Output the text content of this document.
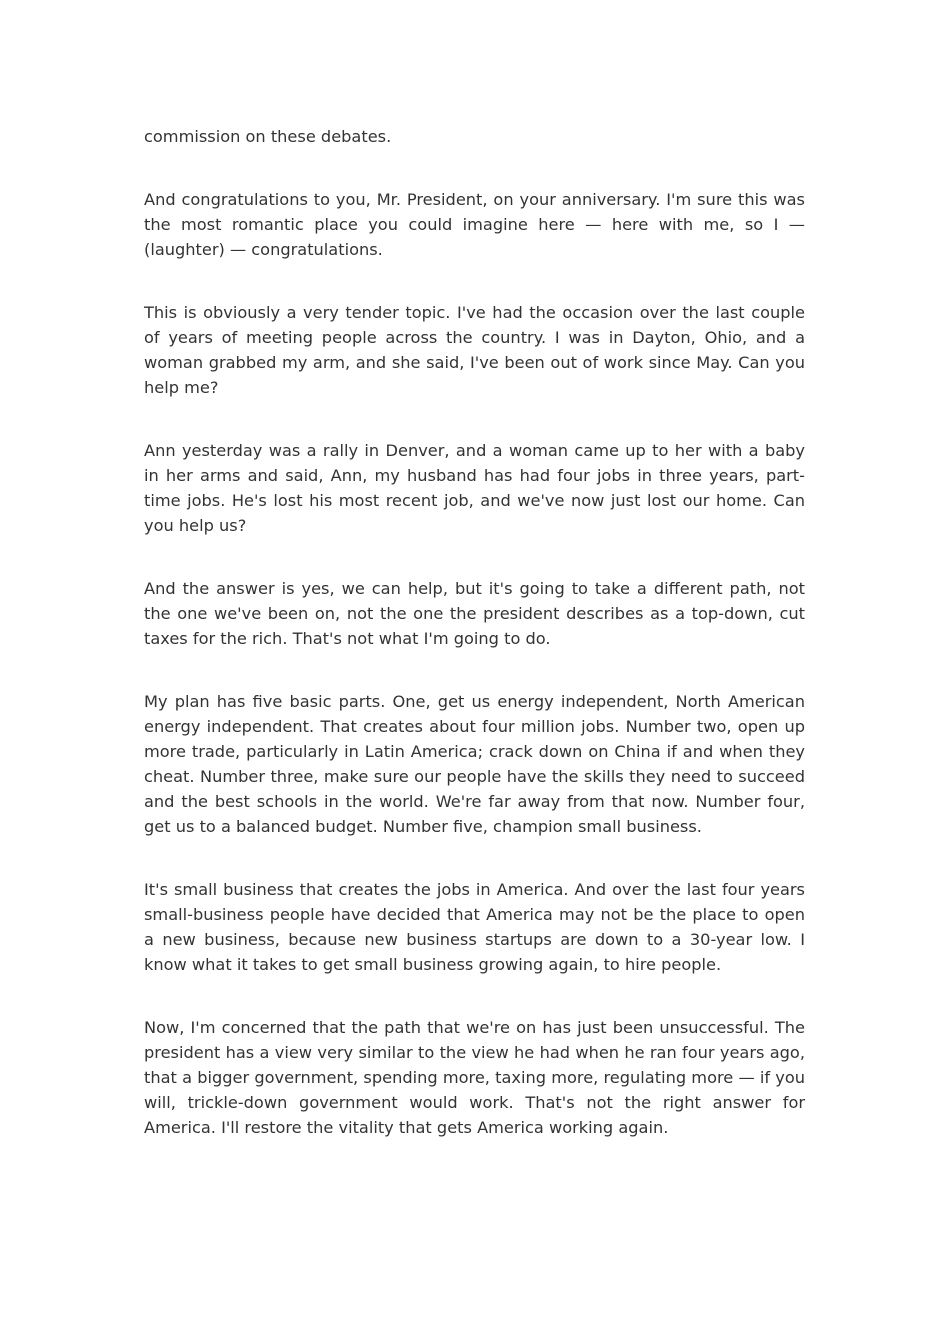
commission on these debates.

And congratulations to you, Mr. President, on your anniversary. I'm sure this was the most romantic place you could imagine here — here with me, so I — (laughter) — congratulations.

This is obviously a very tender topic. I've had the occasion over the last couple of years of meeting people across the country. I was in Dayton, Ohio, and a woman grabbed my arm, and she said, I've been out of work since May. Can you help me?

Ann yesterday was a rally in Denver, and a woman came up to her with a baby in her arms and said, Ann, my husband has had four jobs in three years, part-time jobs. He's lost his most recent job, and we've now just lost our home. Can you help us?

And the answer is yes, we can help, but it's going to take a different path, not the one we've been on, not the one the president describes as a top-down, cut taxes for the rich. That's not what I'm going to do.

My plan has five basic parts. One, get us energy independent, North American energy independent. That creates about four million jobs. Number two, open up more trade, particularly in Latin America; crack down on China if and when they cheat. Number three, make sure our people have the skills they need to succeed and the best schools in the world. We're far away from that now. Number four, get us to a balanced budget. Number five, champion small business.

It's small business that creates the jobs in America. And over the last four years small-business people have decided that America may not be the place to open a new business, because new business startups are down to a 30-year low. I know what it takes to get small business growing again, to hire people.

Now, I'm concerned that the path that we're on has just been unsuccessful. The president has a view very similar to the view he had when he ran four years ago, that a bigger government, spending more, taxing more, regulating more — if you will, trickle-down government would work. That's not the right answer for America. I'll restore the vitality that gets America working again.
